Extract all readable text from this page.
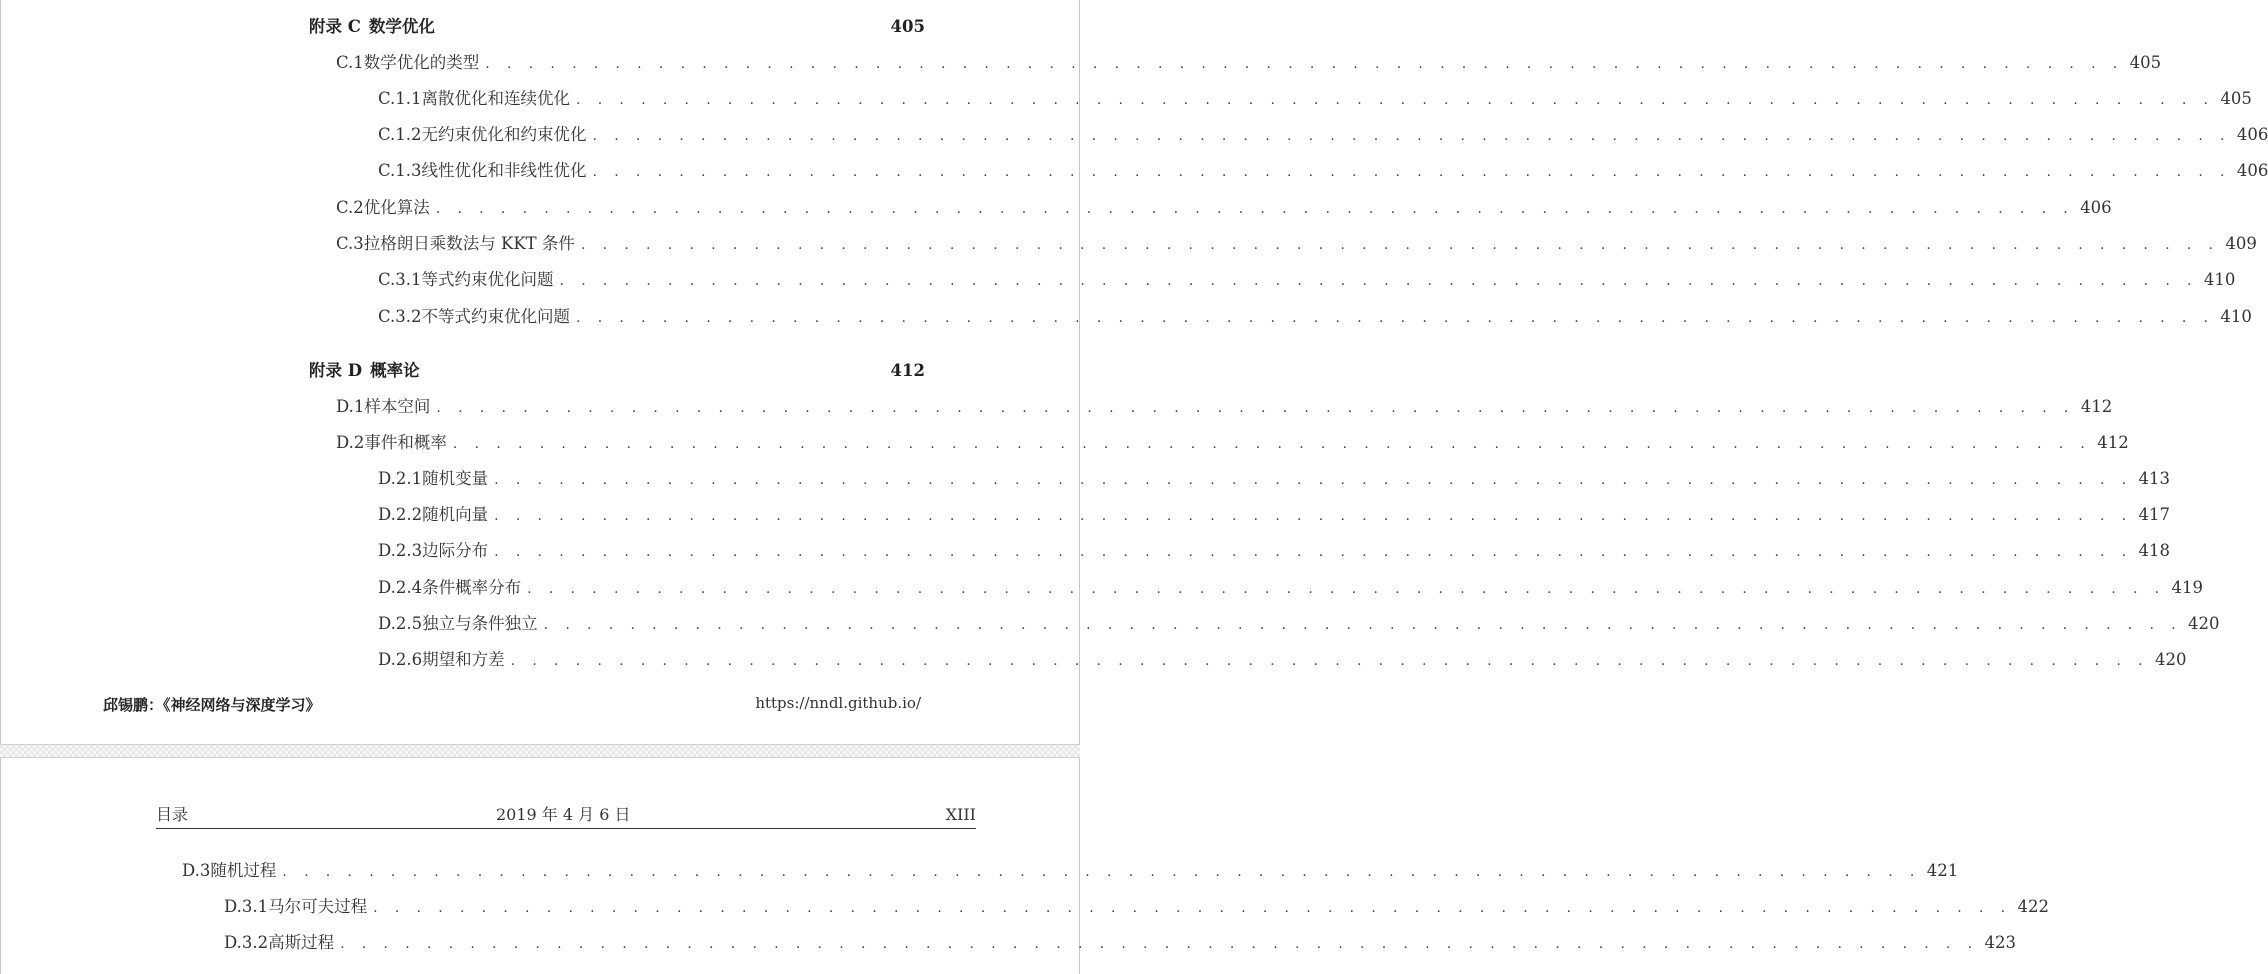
附录 C 数学优化	405
C.1 数学优化的类型 . . . . . . . . . . . . . . . . . . . . . . . . . . . . . . . . . . . . . . . . . . . . . . . . . . . . . . . . . . . . . . . . . . . . . . . . . . . . 405
C.1.1 离散优化和连续优化 . . . . . . . . . . . . . . . . . . . . . . . . . . . . . . . . . . . . . . . . . . . . . . . . . . . . . . . . . . . . . . . . . . . . . . . . . . . . 405
C.1.2 无约束优化和约束优化 . . . . . . . . . . . . . . . . . . . . . . . . . . . . . . . . . . . . . . . . . . . . . . . . . . . . . . . . . . . . . . . . . . . . . . . . . . . . 406
C.1.3 线性优化和非线性优化 . . . . . . . . . . . . . . . . . . . . . . . . . . . . . . . . . . . . . . . . . . . . . . . . . . . . . . . . . . . . . . . . . . . . . . . . . . . . 406
C.2 优化算法 . . . . . . . . . . . . . . . . . . . . . . . . . . . . . . . . . . . . . . . . . . . . . . . . . . . . . . . . . . . . . . . . . . . . . . . . . . . . 406
C.3 拉格朗日乘数法与 KKT 条件 . . . . . . . . . . . . . . . . . . . . . . . . . . . . . . . . . . . . . . . . . . . . . . . . . . . . . . . . . . . . . . . . . . . . . . . . . . . . 409
C.3.1 等式约束优化问题 . . . . . . . . . . . . . . . . . . . . . . . . . . . . . . . . . . . . . . . . . . . . . . . . . . . . . . . . . . . . . . . . . . . . . . . . . . . . 410
C.3.2 不等式约束优化问题 . . . . . . . . . . . . . . . . . . . . . . . . . . . . . . . . . . . . . . . . . . . . . . . . . . . . . . . . . . . . . . . . . . . . . . . . . . . . 410
附录 D 概率论	412
D.1 样本空间 . . . . . . . . . . . . . . . . . . . . . . . . . . . . . . . . . . . . . . . . . . . . . . . . . . . . . . . . . . . . . . . . . . . . . . . . . . . . 412
D.2 事件和概率 . . . . . . . . . . . . . . . . . . . . . . . . . . . . . . . . . . . . . . . . . . . . . . . . . . . . . . . . . . . . . . . . . . . . . . . . . . . . 412
D.2.1 随机变量 . . . . . . . . . . . . . . . . . . . . . . . . . . . . . . . . . . . . . . . . . . . . . . . . . . . . . . . . . . . . . . . . . . . . . . . . . . . . 413
D.2.2 随机向量 . . . . . . . . . . . . . . . . . . . . . . . . . . . . . . . . . . . . . . . . . . . . . . . . . . . . . . . . . . . . . . . . . . . . . . . . . . . . 417
D.2.3 边际分布 . . . . . . . . . . . . . . . . . . . . . . . . . . . . . . . . . . . . . . . . . . . . . . . . . . . . . . . . . . . . . . . . . . . . . . . . . . . . 418
D.2.4 条件概率分布 . . . . . . . . . . . . . . . . . . . . . . . . . . . . . . . . . . . . . . . . . . . . . . . . . . . . . . . . . . . . . . . . . . . . . . . . . . . . 419
D.2.5 独立与条件独立 . . . . . . . . . . . . . . . . . . . . . . . . . . . . . . . . . . . . . . . . . . . . . . . . . . . . . . . . . . . . . . . . . . . . . . . . . . . . 420
D.2.6 期望和方差 . . . . . . . . . . . . . . . . . . . . . . . . . . . . . . . . . . . . . . . . . . . . . . . . . . . . . . . . . . . . . . . . . . . . . . . . . . . . 420
邱锡鹏：《神经网络与深度学习》	https://nndl.github.io/
目录	2019 年 4 月 6 日	XIII
D.3 随机过程 . . . . . . . . . . . . . . . . . . . . . . . . . . . . . . . . . . . . . . . . . . . . . . . . . . . . . . . . . . . . . . . . . . . . . . . . . . . . 421
D.3.1 马尔可夫过程 . . . . . . . . . . . . . . . . . . . . . . . . . . . . . . . . . . . . . . . . . . . . . . . . . . . . . . . . . . . . . . . . . . . . . . . . . . . . 422
D.3.2 高斯过程 . . . . . . . . . . . . . . . . . . . . . . . . . . . . . . . . . . . . . . . . . . . . . . . . . . . . . . . . . . . . . . . . . . . . . . . . . . . . 423
